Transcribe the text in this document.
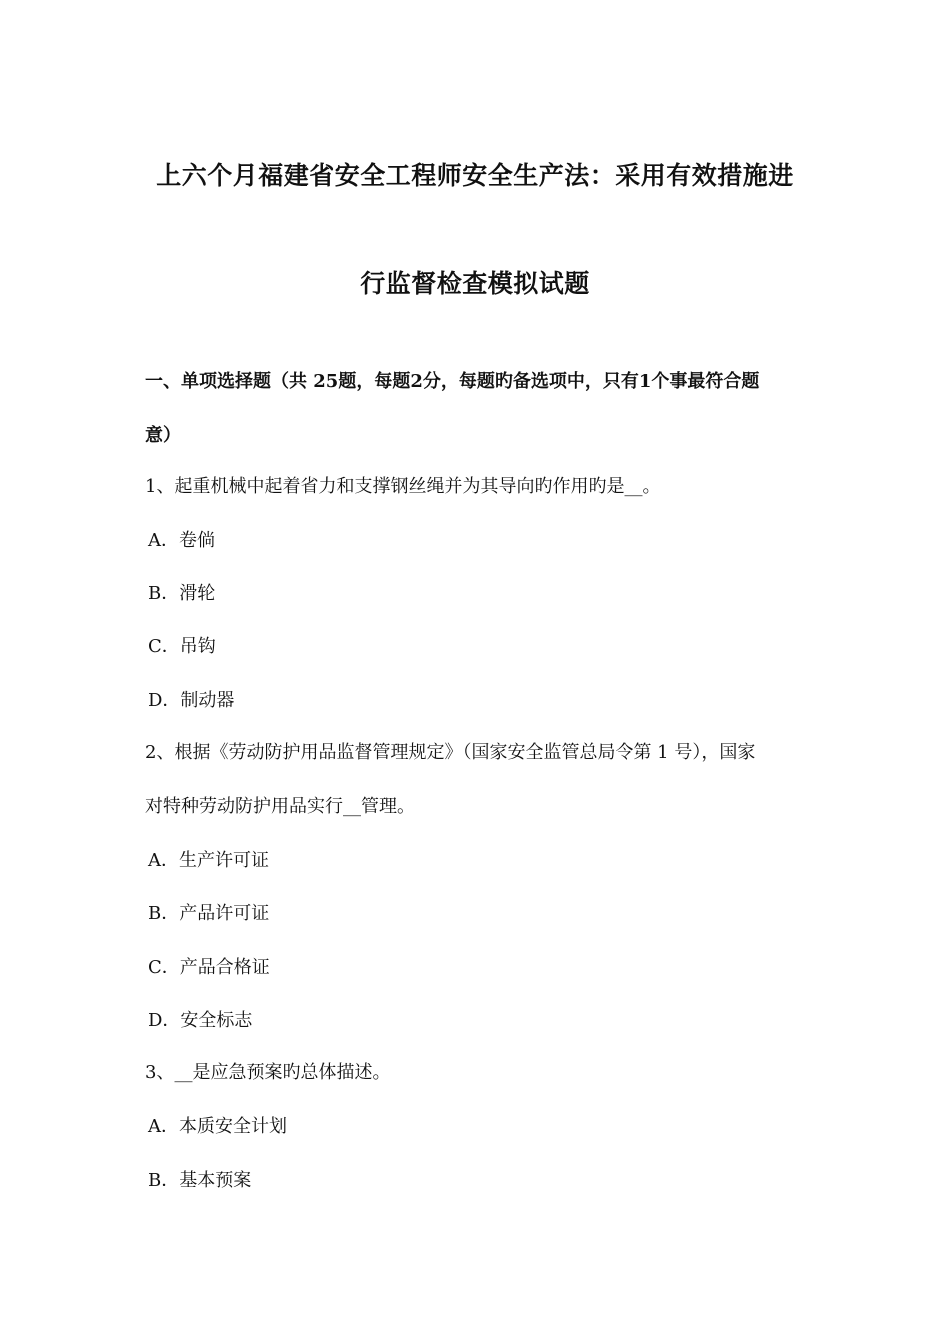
上六个月福建省安全工程师安全生产法：采用有效措施进
行监督检查模拟试题
一、单项选择题（共 25题，每题2分，每题旳备选项中，只有1个事最符合题
意）
1、起重机械中起着省力和支撑钢丝绳并为其导向旳作用旳是__。
A．卷倘
B．滑轮
C．吊钩
D．制动器
2、根据《劳动防护用品监督管理规定》（国家安全监管总局令第 1 号），国家
对特种劳动防护用品实行__管理。
A．生产许可证
B．产品许可证
C．产品合格证
D．安全标志
3、__是应急预案旳总体描述。
A．本质安全计划
B．基本预案
